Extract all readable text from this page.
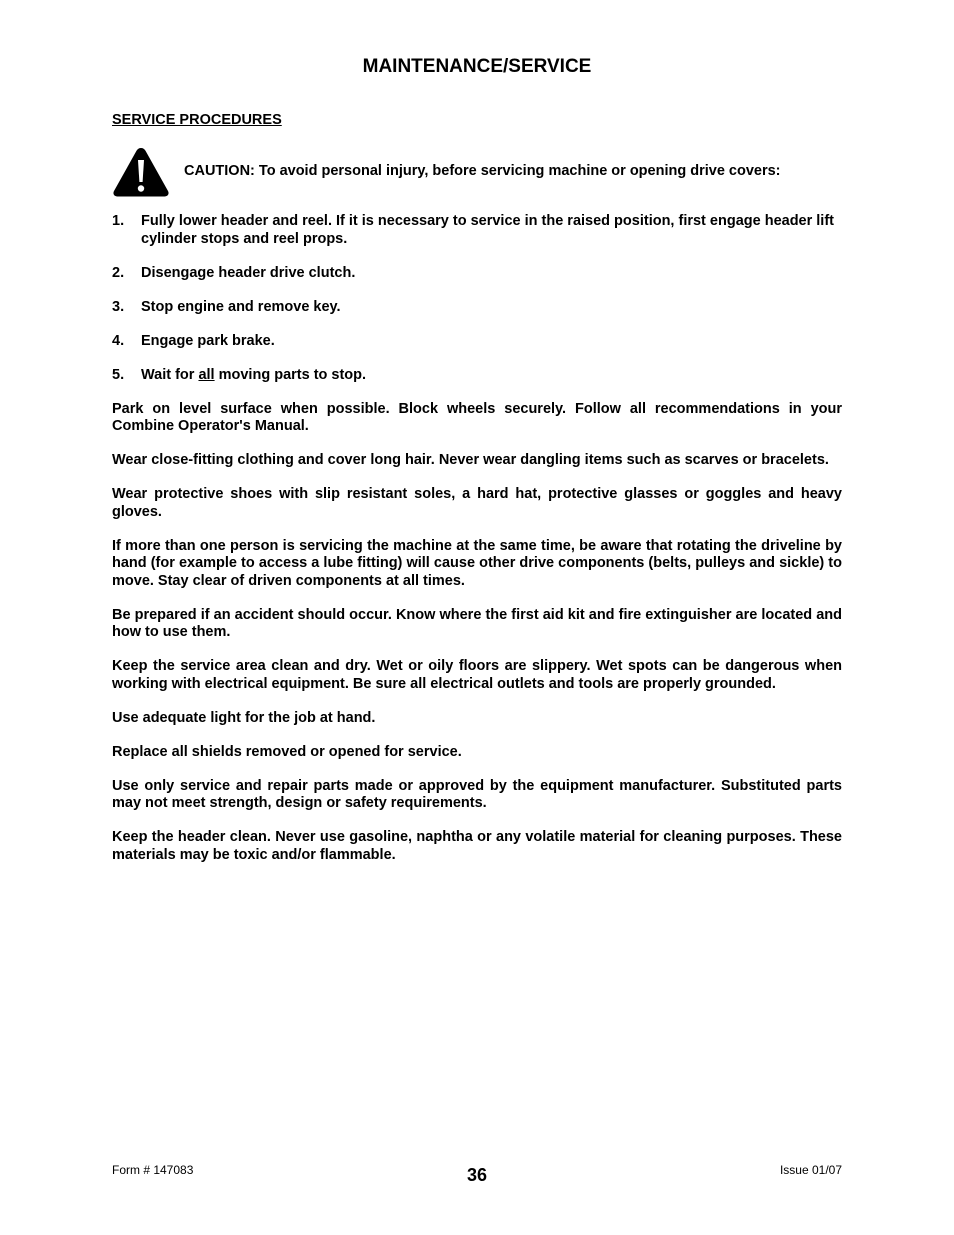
MAINTENANCE/SERVICE
SERVICE PROCEDURES
CAUTION: To avoid personal injury, before servicing machine or opening drive covers:
1.	Fully lower header and reel. If it is necessary to service in the raised position, first engage header lift cylinder stops and reel props.
2.	Disengage header drive clutch.
3.	Stop engine and remove key.
4.	Engage park brake.
5.	Wait for all moving parts to stop.

Park on level surface when possible. Block wheels securely. Follow all recommendations in your Combine Operator's Manual.

Wear close-fitting clothing and cover long hair. Never wear dangling items such as scarves or bracelets.

Wear protective shoes with slip resistant soles, a hard hat, protective glasses or goggles and heavy gloves.

If more than one person is servicing the machine at the same time, be aware that rotating the driveline by hand (for example to access a lube fitting) will cause other drive components (belts, pulleys and sickle) to move. Stay clear of driven components at all times.

Be prepared if an accident should occur. Know where the first aid kit and fire extinguisher are located and how to use them.

Keep the service area clean and dry. Wet or oily floors are slippery. Wet spots can be dangerous when working with electrical equipment. Be sure all electrical outlets and tools are properly grounded.

Use adequate light for the job at hand.

Replace all shields removed or opened for service.

Use only service and repair parts made or approved by the equipment manufacturer. Substituted parts may not meet strength, design or safety requirements.

Keep the header clean. Never use gasoline, naphtha or any volatile material for cleaning purposes. These materials may be toxic and/or flammable.

Form # 147083	36	Issue 01/07
